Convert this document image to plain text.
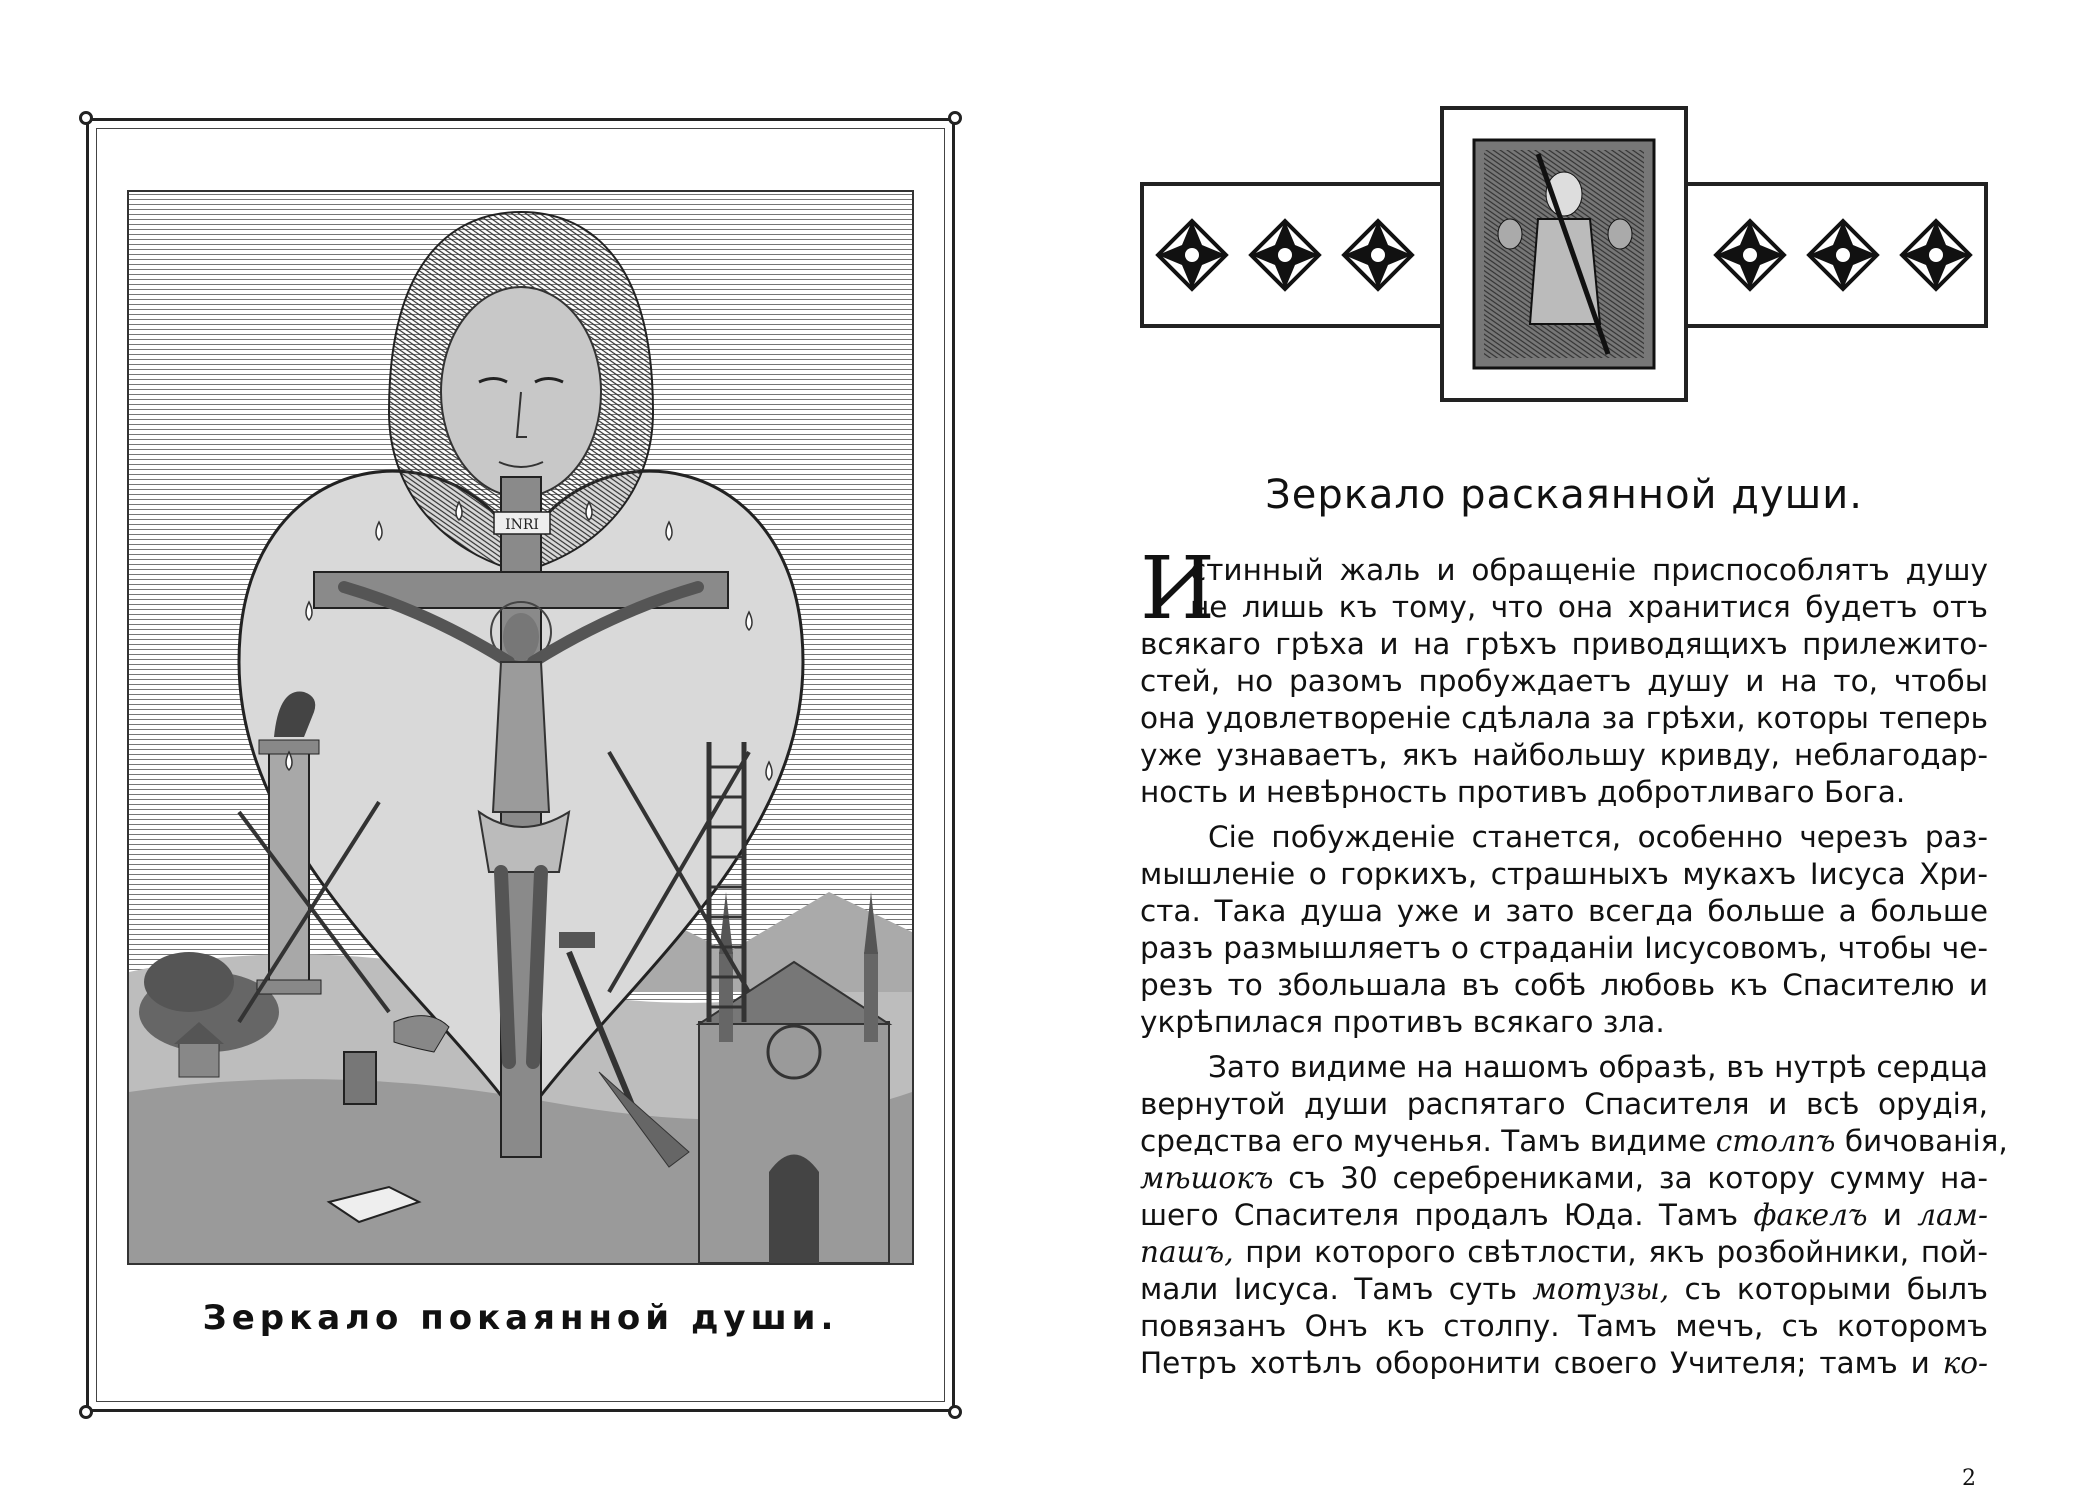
INRI
Зеркало покаянной души.
Зеркало раскаянной души.
И
стинный жаль и обращеніе приспособлятъ душу
не лишь къ тому, что она хранитися будетъ отъ
всякаго грѣха и на грѣхъ приводящихъ прилежито-
стей, но разомъ пробуждаетъ душу и на то, чтобы
она удовлетвореніе сдѣлала за грѣхи, которы теперь
уже узнаваетъ, якъ найбольшу кривду, неблагодар-
ность и невѣрность противъ добротливаго Бога.
Сіе побужденіе станется, особенно черезъ раз-
мышленіе о горкихъ, страшныхъ мукахъ Іисуса Хри-
ста. Така душа уже и зато всегда больше а больше
разъ размышляетъ о страданіи Іисусовомъ, чтобы че-
резъ то збольшала въ собѣ любовь къ Спасителю и
укрѣпилася противъ всякаго зла.
Зато видиме на нашомъ образѣ, въ нутрѣ сердца
вернутой души распятаго Спасителя и всѣ орудія,
средства его мученья. Тамъ видиме столпъ бичованія,
мѣшокъ съ 30 серебрениками, за котору сумму на-
шего Спасителя продалъ Юда. Тамъ факелъ и лам-
пашъ, при которого свѣтлости, якъ розбойники, пой-
мали Іисуса. Тамъ суть мотузы, съ которыми былъ
повязанъ Онъ къ столпу. Тамъ мечъ, съ которомъ
Петръ хотѣлъ оборонити своего Учителя; тамъ и ко-
2
